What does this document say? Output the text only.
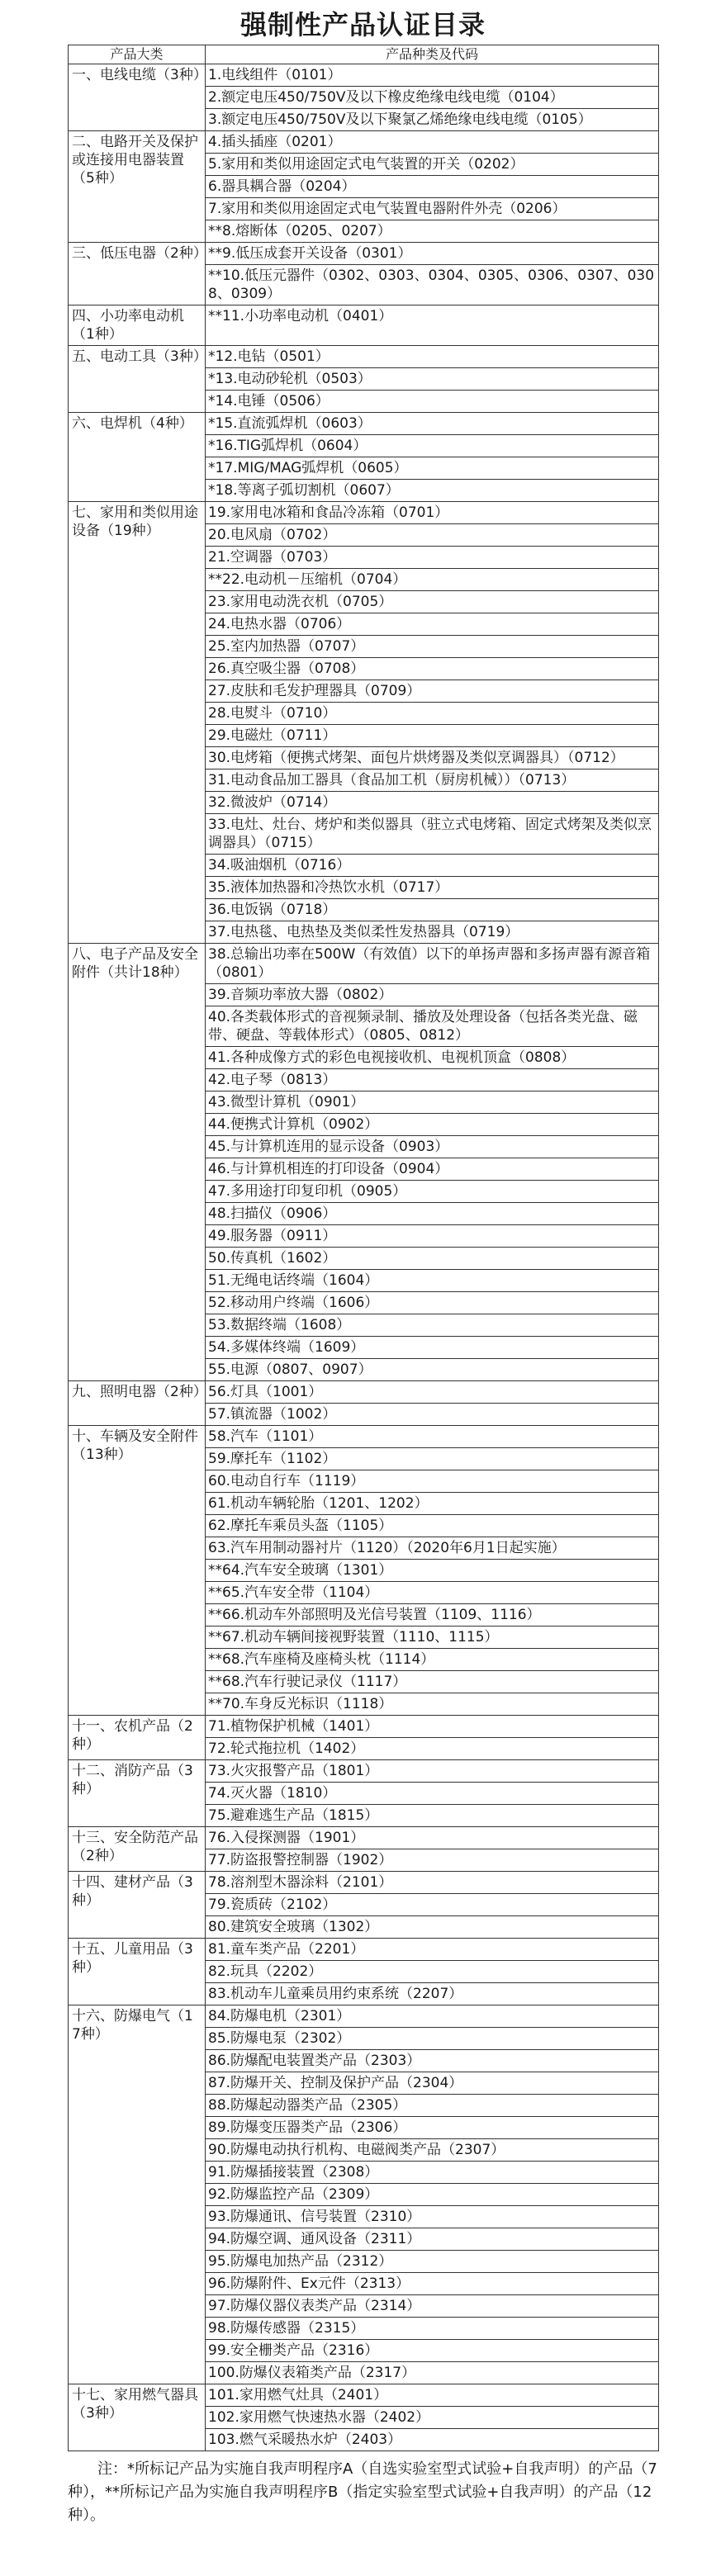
强制性产品认证目录
产品大类	产品种类及代码
一、电线电缆（3种）	1.电线组件（0101）
	2.额定电压450/750V及以下橡皮绝缘电线电缆（0104）
	3.额定电压450/750V及以下聚氯乙烯绝缘电线电缆（0105）
二、电路开关及保护或连接用电器装置（5种）	4.插头插座（0201）
	5.家用和类似用途固定式电气装置的开关（0202）
	6.器具耦合器（0204）
	7.家用和类似用途固定式电气装置电器附件外壳（0206）
	**8.熔断体（0205、0207）
三、低压电器（2种）	**9.低压成套开关设备（0301）
	**10.低压元器件（0302、0303、0304、0305、0306、0307、0308、0309）
四、小功率电动机（1种）	**11.小功率电动机（0401）
五、电动工具（3种）	*12.电钻（0501）
	*13.电动砂轮机（0503）
	*14.电锤（0506）
六、电焊机（4种）	*15.直流弧焊机（0603）
	*16.TIG弧焊机（0604）
	*17.MIG/MAG弧焊机（0605）
	*18.等离子弧切割机（0607）
七、家用和类似用途设备（19种）	19.家用电冰箱和食品冷冻箱（0701）
	20.电风扇（0702）
	21.空调器（0703）
	**22.电动机－压缩机（0704）
	23.家用电动洗衣机（0705）
	24.电热水器（0706）
	25.室内加热器（0707）
	26.真空吸尘器（0708）
	27.皮肤和毛发护理器具（0709）
	28.电熨斗（0710）
	29.电磁灶（0711）
	30.电烤箱（便携式烤架、面包片烘烤器及类似烹调器具）（0712）
	31.电动食品加工器具（食品加工机（厨房机械））（0713）
	32.微波炉（0714）
	33.电灶、灶台、烤炉和类似器具（驻立式电烤箱、固定式烤架及类似烹调器具）（0715）
	34.吸油烟机（0716）
	35.液体加热器和冷热饮水机（0717）
	36.电饭锅（0718）
	37.电热毯、电热垫及类似柔性发热器具（0719）
八、电子产品及安全附件（共计18种）	38.总输出功率在500W（有效值）以下的单扬声器和多扬声器有源音箱（0801）
	39.音频功率放大器（0802）
	40.各类载体形式的音视频录制、播放及处理设备（包括各类光盘、磁带、硬盘、等载体形式）（0805、0812）
	41.各种成像方式的彩色电视接收机、电视机顶盒（0808）
	42.电子琴（0813）
	43.微型计算机（0901）
	44.便携式计算机（0902）
	45.与计算机连用的显示设备（0903）
	46.与计算机相连的打印设备（0904）
	47.多用途打印复印机（0905）
	48.扫描仪（0906）
	49.服务器（0911）
	50.传真机（1602）
	51.无绳电话终端（1604）
	52.移动用户终端（1606）
	53.数据终端（1608）
	54.多媒体终端（1609）
	55.电源（0807、0907）
九、照明电器（2种）	56.灯具（1001）
	57.镇流器（1002）
十、车辆及安全附件（13种）	58.汽车（1101）
	59.摩托车（1102）
	60.电动自行车（1119）
	61.机动车辆轮胎（1201、1202）
	62.摩托车乘员头盔（1105）
	63.汽车用制动器衬片（1120）（2020年6月1日起实施）
	**64.汽车安全玻璃（1301）
	**65.汽车安全带（1104）
	**66.机动车外部照明及光信号装置（1109、1116）
	**67.机动车辆间接视野装置（1110、1115）
	**68.汽车座椅及座椅头枕（1114）
	**68.汽车行驶记录仪（1117）
	**70.车身反光标识（1118）
十一、农机产品（2种）	71.植物保护机械（1401）
	72.轮式拖拉机（1402）
十二、消防产品（3种）	73.火灾报警产品（1801）
	74.灭火器（1810）
	75.避难逃生产品（1815）
十三、安全防范产品（2种）	76.入侵探测器（1901）
	77.防盗报警控制器（1902）
十四、建材产品（3种）	78.溶剂型木器涂料（2101）
	79.瓷质砖（2102）
	80.建筑安全玻璃（1302）
十五、儿童用品（3种）	81.童车类产品（2201）
	82.玩具（2202）
	83.机动车儿童乘员用约束系统（2207）
十六、防爆电气（17种）	84.防爆电机（2301）
	85.防爆电泵（2302）
	86.防爆配电装置类产品（2303）
	87.防爆开关、控制及保护产品（2304）
	88.防爆起动器类产品（2305）
	89.防爆变压器类产品（2306）
	90.防爆电动执行机构、电磁阀类产品（2307）
	91.防爆插接装置（2308）
	92.防爆监控产品（2309）
	93.防爆通讯、信号装置（2310）
	94.防爆空调、通风设备（2311）
	95.防爆电加热产品（2312）
	96.防爆附件、Ex元件（2313）
	97.防爆仪器仪表类产品（2314）
	98.防爆传感器（2315）
	99.安全栅类产品（2316）
	100.防爆仪表箱类产品（2317）
十七、家用燃气器具（3种）	101.家用燃气灶具（2401）
	102.家用燃气快速热水器（2402）
	103.燃气采暖热水炉（2403）

注：*所标记产品为实施自我声明程序A（自选实验室型式试验+自我声明）的产品（7种），**所标记产品为实施自我声明程序B（指定实验室型式试验+自我声明）的产品（12种）。
